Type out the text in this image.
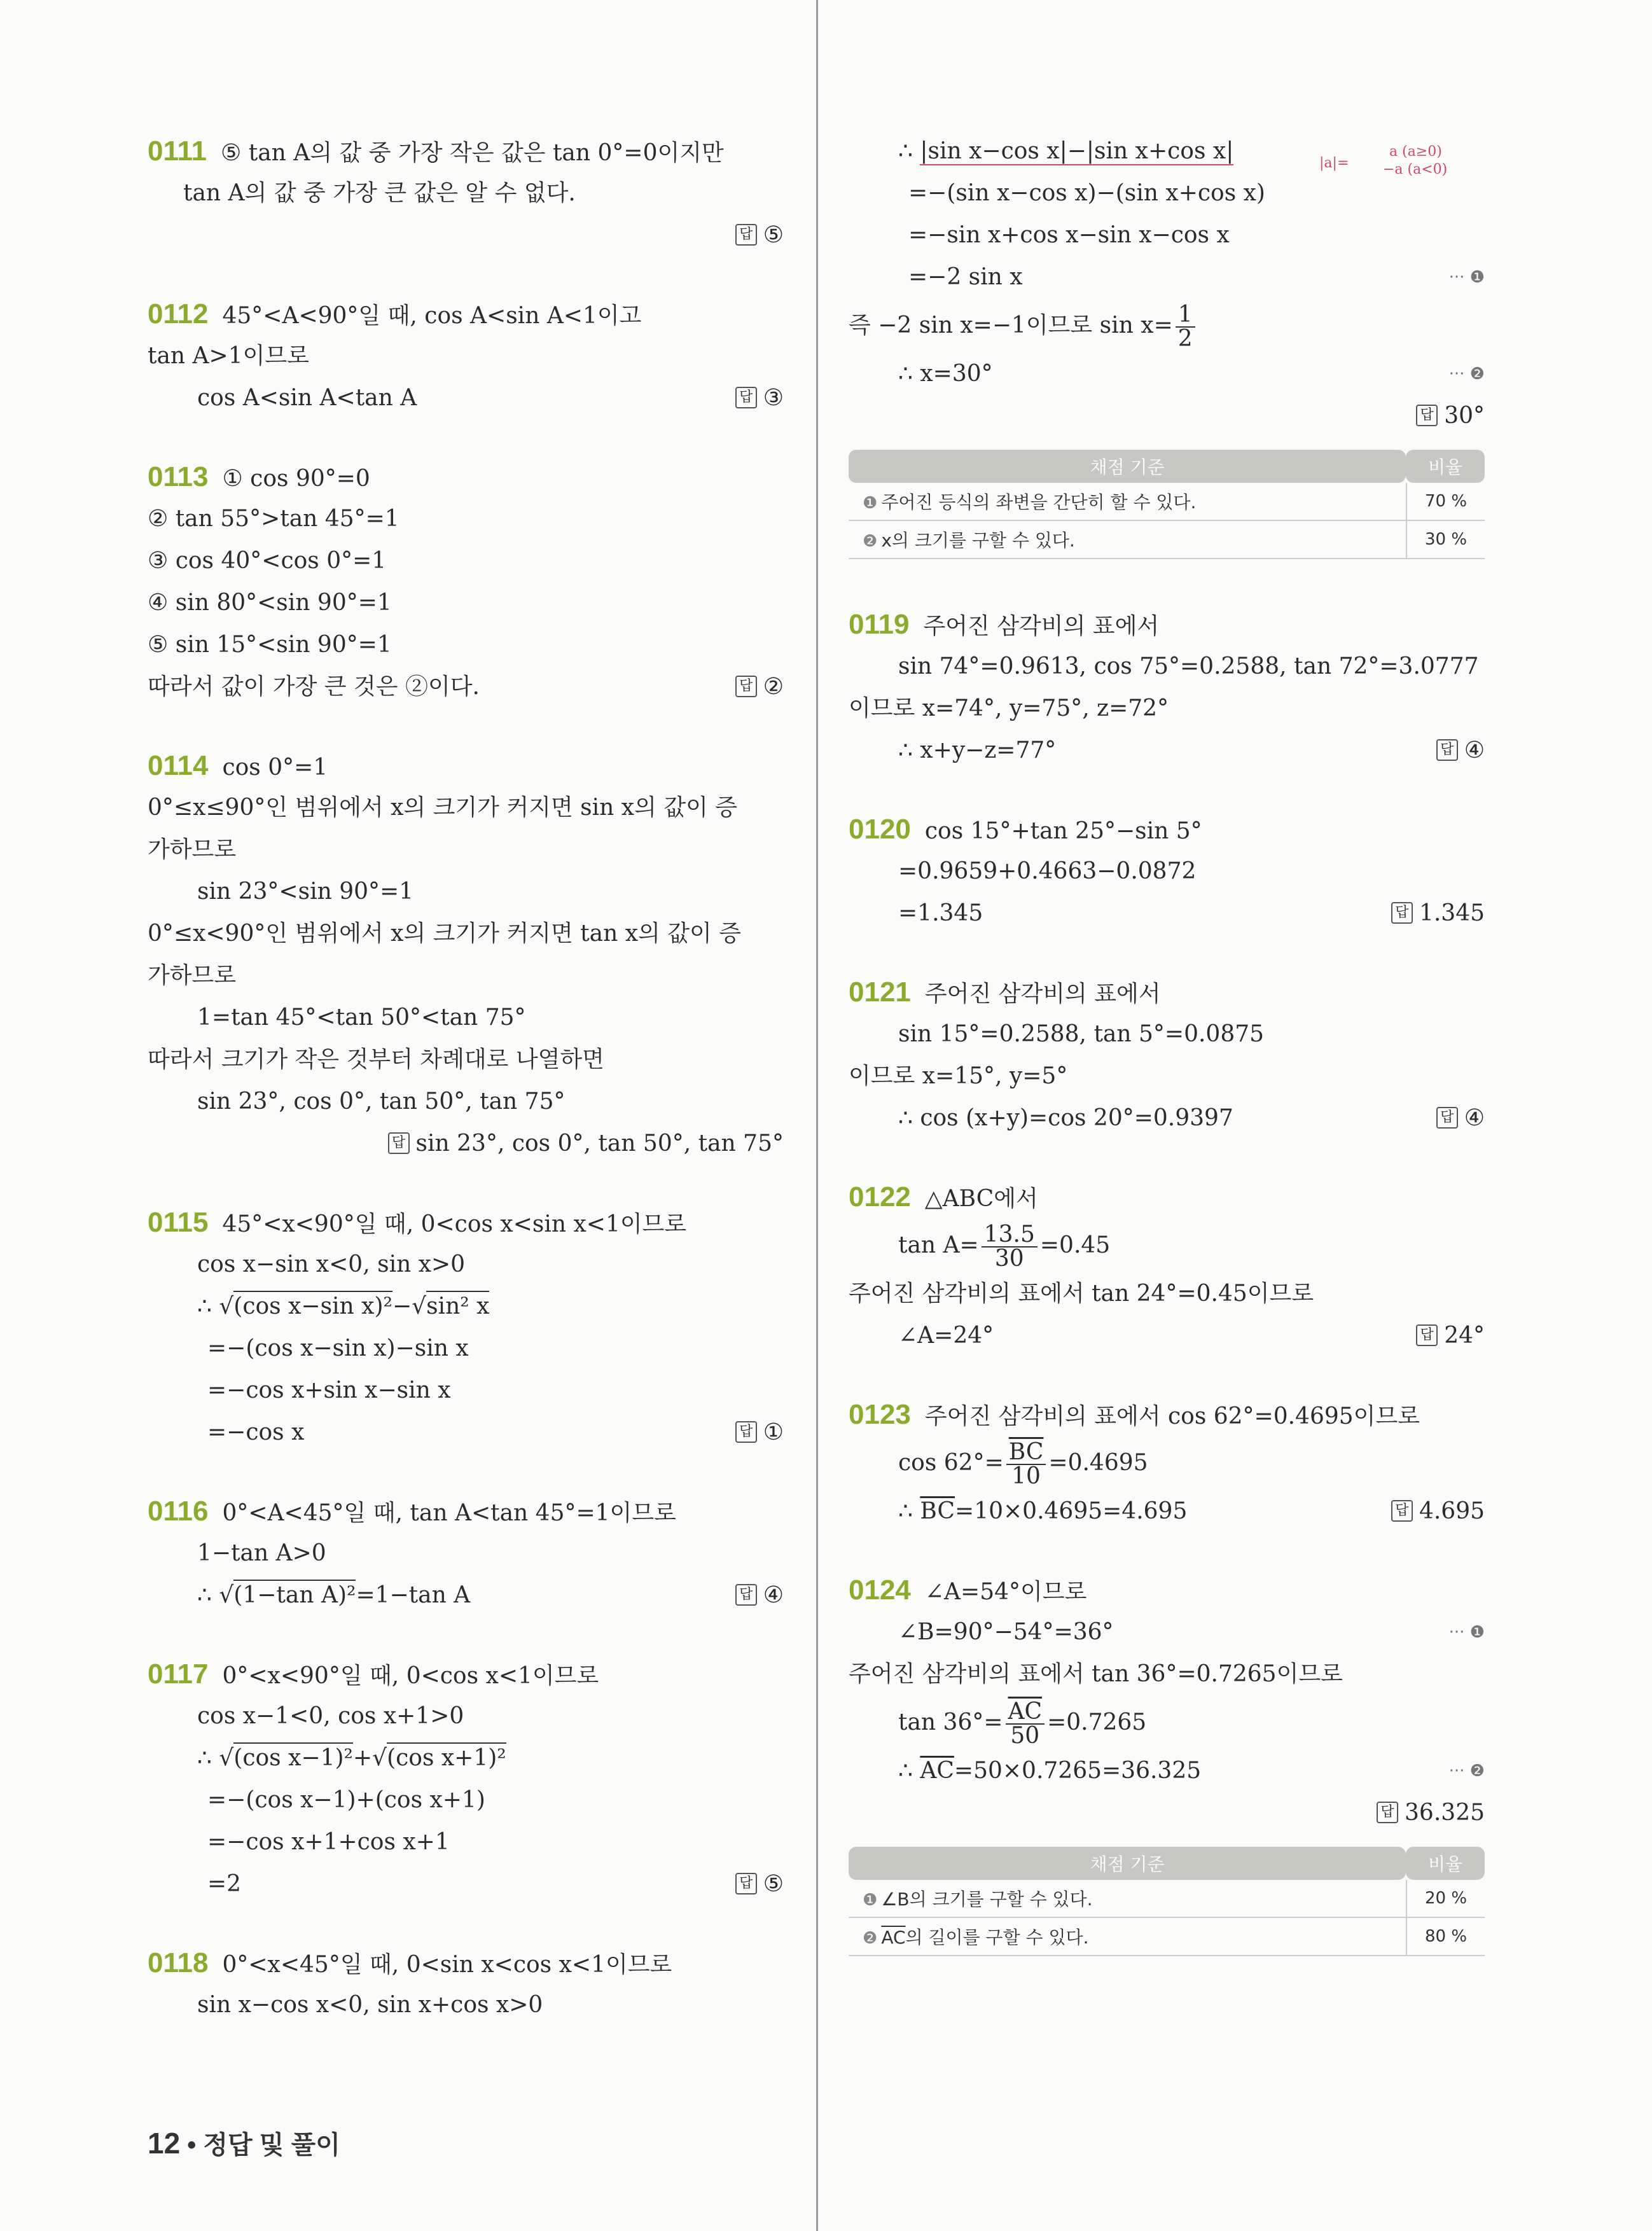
0111 ⑤ tan A의 값 중 가장 작은 값은 tan 0°=0이지만
tan A의 값 중 가장 큰 값은 알 수 없다.
답 ⑤
0112 45°<A<90°일 때, cos A<sin A<1이고
tan A>1이므로
cos A<sin A<tan A	답 ③
0113 ① cos 90°=0
② tan 55°>tan 45°=1
③ cos 40°<cos 0°=1
④ sin 80°<sin 90°=1
⑤ sin 15°<sin 90°=1
따라서 값이 가장 큰 것은 ②이다.	답 ②
0114 cos 0°=1
0°≤x≤90°인 범위에서 x의 크기가 커지면 sin x의 값이 증
가하므로
sin 23°<sin 90°=1
0°≤x<90°인 범위에서 x의 크기가 커지면 tan x의 값이 증
가하므로
1=tan 45°<tan 50°<tan 75°
따라서 크기가 작은 것부터 차례대로 나열하면
sin 23°, cos 0°, tan 50°, tan 75°
답 sin 23°, cos 0°, tan 50°, tan 75°
0115 45°<x<90°일 때, 0<cos x<sin x<1이므로
cos x−sin x<0, sin x>0
∴ √(cos x−sin x)²−√sin² x
=−(cos x−sin x)−sin x
=−cos x+sin x−sin x
=−cos x	답 ①
0116 0°<A<45°일 때, tan A<tan 45°=1이므로
1−tan A>0
∴ √(1−tan A)²=1−tan A	답 ④
0117 0°<x<90°일 때, 0<cos x<1이므로
cos x−1<0, cos x+1>0
∴ √(cos x−1)²+√(cos x+1)²
=−(cos x−1)+(cos x+1)
=−cos x+1+cos x+1
=2	답 ⑤
0118 0°<x<45°일 때, 0<sin x<cos x<1이므로
sin x−cos x<0, sin x+cos x>0
∴ |sin x−cos x|−|sin x+cos x|	|a|=
a (a≥0)
−a (a<0)
=−(sin x−cos x)−(sin x+cos x)
=−sin x+cos x−sin x−cos x
=−2 sin x	··· ❶
즉 −2 sin x=−1이므로 $\sin x= \frac{1}{2}$
∴ x=30°	··· ❷
답 30°
채점 기준	비율
❶ 주어진 등식의 좌변을 간단히 할 수 있다.	70 %
❷ x의 크기를 구할 수 있다.	30 %
0119 주어진 삼각비의 표에서
sin 74°=0.9613, cos 75°=0.2588, tan 72°=3.0777
이므로 x=74°, y=75°, z=72°
∴ x+y−z=77°	답 ④
0120 cos 15°+tan 25°−sin 5°
=0.9659+0.4663−0.0872
=1.345	답 1.345
0121 주어진 삼각비의 표에서
sin 15°=0.2588, tan 5°=0.0875
이므로 x=15°, y=5°
∴ cos (x+y)=cos 20°=0.9397	답 ④
0122 △ABC에서
$\tan A= \frac{13.5}{30} =0.45$
주어진 삼각비의 표에서 tan 24°=0.45이므로
∠A=24°	답 24°
0123 주어진 삼각비의 표에서 cos 62°=0.4695이므로
$\cos 62^\circ= \frac{\overline{BC}}{10} =0.4695$
∴ $\overline{BC}=10\times 0.4695=4.695$	답 4.695
0124 ∠A=54°이므로
∠B=90°−54°=36°	··· ❶
주어진 삼각비의 표에서 tan 36°=0.7265이므로
$\tan 36^\circ= \frac{\overline{AC}}{50} =0.7265$
∴ $\overline{AC}=50\times 0.7265=36.325$	··· ❷
답 36.325
채점 기준	비율
❶ ∠B의 크기를 구할 수 있다.	20 %
❷ $\overline{AC}$의 길이를 구할 수 있다.	80 %
12 • 정답 및 풀이
